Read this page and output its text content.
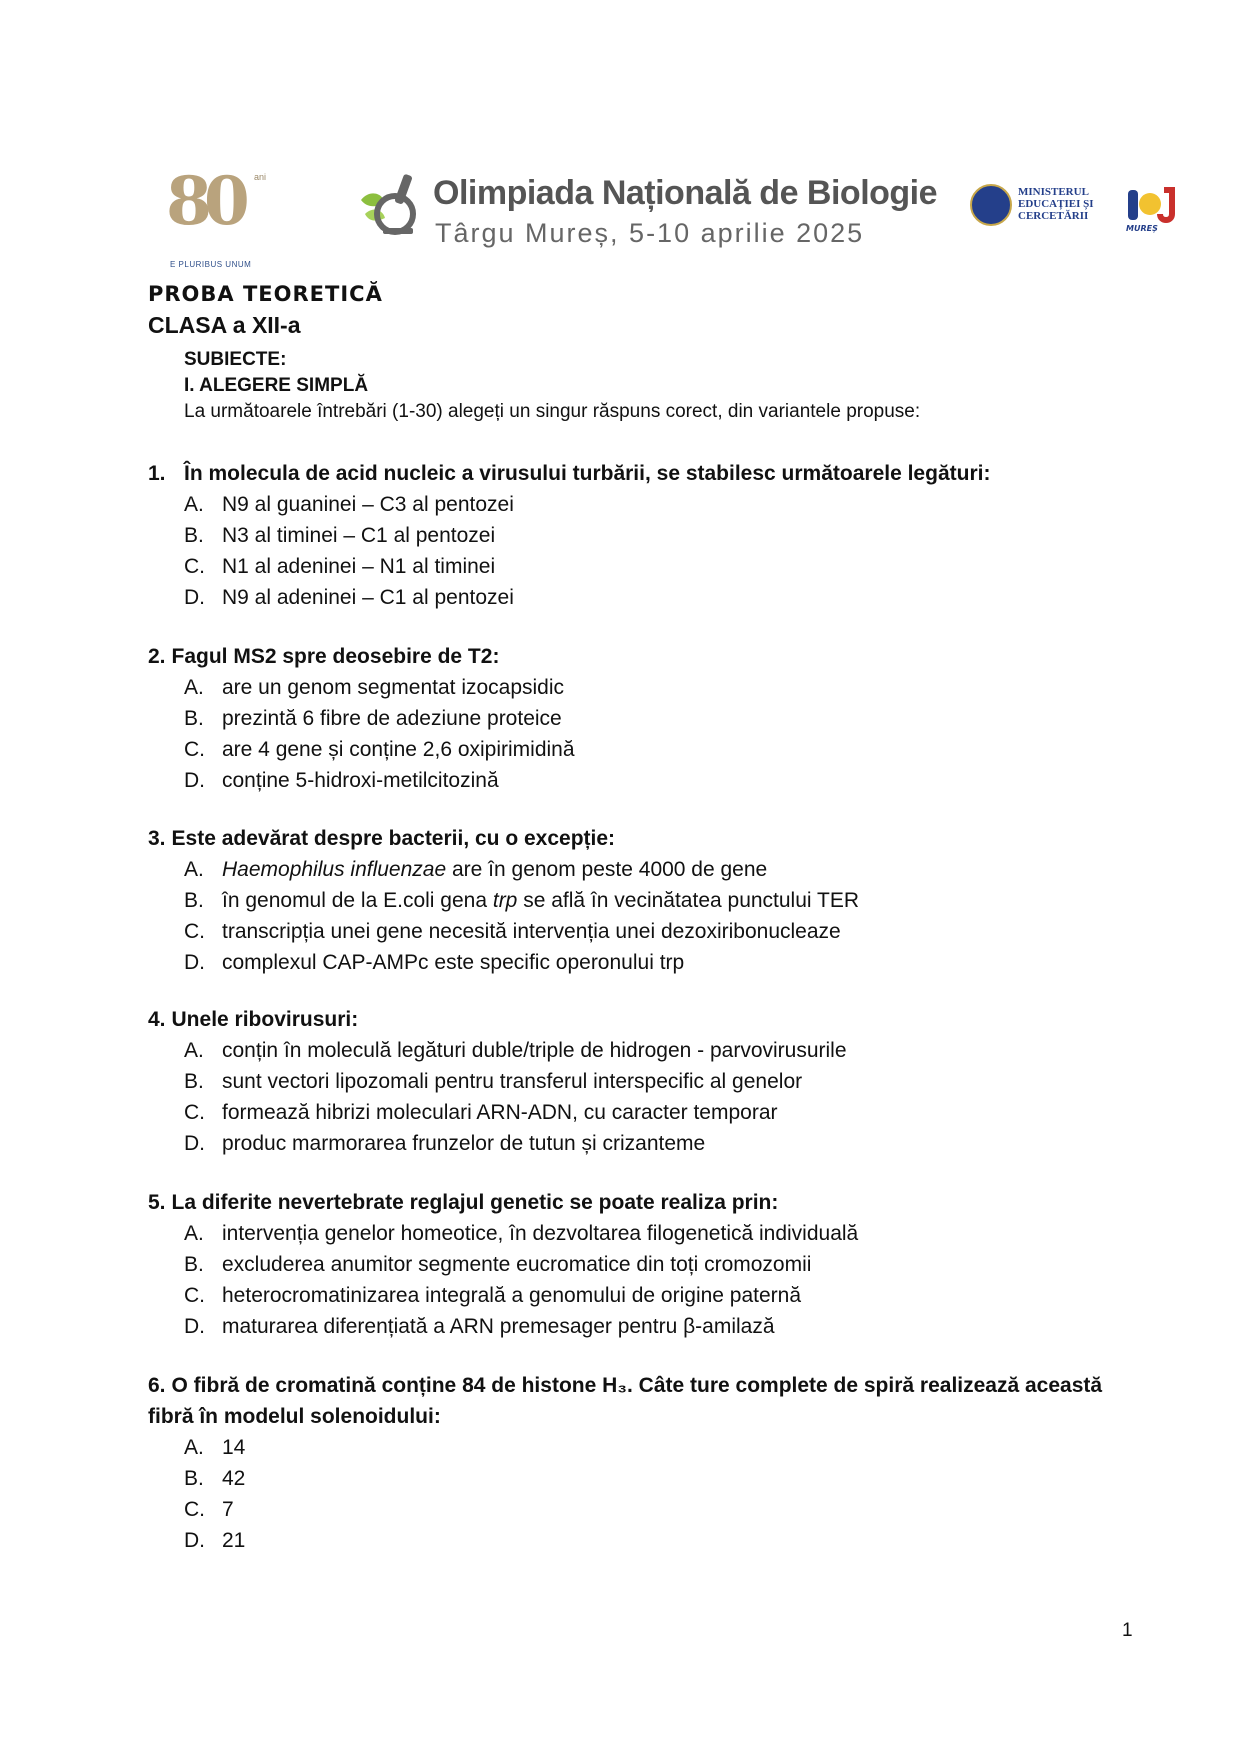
80 ani
E PLURIBUS UNUM
Olimpiada Națională de Biologie
Târgu Mureș, 5-10 aprilie 2025
MINISTERUL
EDUCAȚIEI ȘI
CERCETĂRII
MUREȘ
PROBA TEORETICĂ
CLASA a XII-a
SUBIECTE:
I. ALEGERE SIMPLĂ
La următoarele întrebări (1-30) alegeți un singur răspuns corect, din variantele propuse:
1. În molecula de acid nucleic a virusului turbării, se stabilesc următoarele legături:
A. N9 al guaninei – C3 al pentozei
B. N3 al timinei – C1 al pentozei
C. N1 al adeninei – N1 al timinei
D. N9 al adeninei – C1 al pentozei
2. Fagul MS2 spre deosebire de T2:
A. are un genom segmentat izocapsidic
B. prezintă 6 fibre de adeziune proteice
C. are 4 gene și conține 2,6 oxipirimidină
D. conține 5-hidroxi-metilcitozină
3. Este adevărat despre bacterii, cu o excepție:
A. Haemophilus influenzae are în genom peste 4000 de gene
B. în genomul de la E.coli gena trp se află în vecinătatea punctului TER
C. transcripția unei gene necesită intervenția unei dezoxiribonucleaze
D. complexul CAP-AMPc este specific operonului trp
4. Unele ribovirusuri:
A. conțin în moleculă legături duble/triple de hidrogen - parvovirusurile
B. sunt vectori lipozomali pentru transferul interspecific al genelor
C. formează hibrizi moleculari ARN-ADN, cu caracter temporar
D. produc marmorarea frunzelor de tutun și crizanteme
5. La diferite nevertebrate reglajul genetic se poate realiza prin:
A. intervenția genelor homeotice, în dezvoltarea filogenetică individuală
B. excluderea anumitor segmente eucromatice din toți cromozomii
C. heterocromatinizarea integrală a genomului de origine paternă
D. maturarea diferențiată a ARN premesager pentru β-amilază
6. O fibră de cromatină conține 84 de histone H₃. Câte ture complete de spiră realizează această fibră în modelul solenoidului:
A. 14
B. 42
C. 7
D. 21
1
